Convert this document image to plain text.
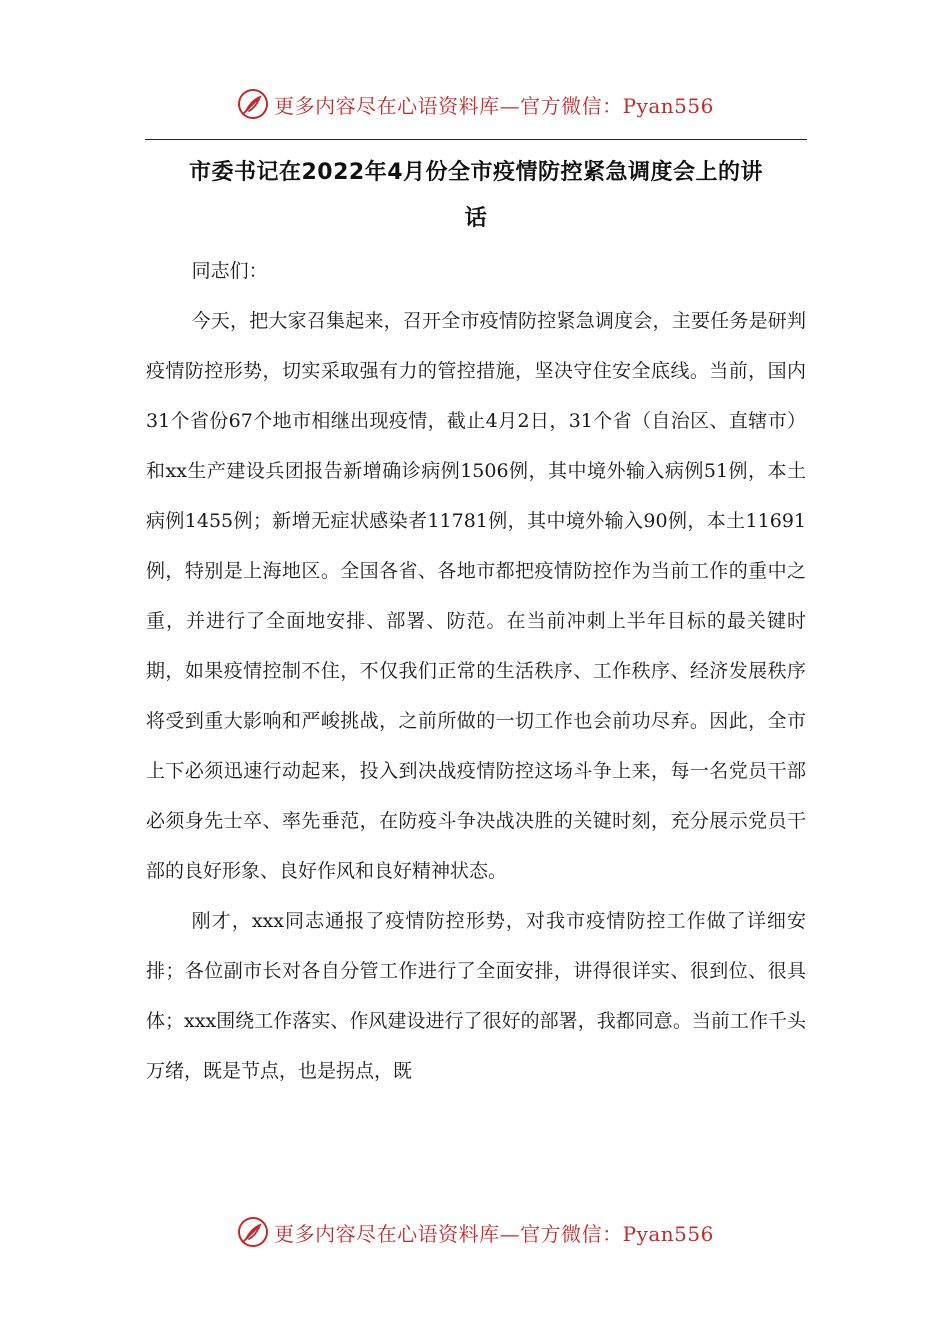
更多内容尽在心语资料库—官方微信：Pyan556
市委书记在2022年4月份全市疫情防控紧急调度会上的讲
话

同志们：

今天，把大家召集起来，召开全市疫情防控紧急调度会，主要任务是研判疫情防控形势，切实采取强有力的管控措施，坚决守住安全底线。当前，国内31个省份67个地市相继出现疫情，截止4月2日，31个省（自治区、直辖市）和xx生产建设兵团报告新增确诊病例1506例，其中境外输入病例51例，本土病例1455例；新增无症状感染者11781例，其中境外输入90例，本土11691例，特别是上海地区。全国各省、各地市都把疫情防控作为当前工作的重中之重，并进行了全面地安排、部署、防范。在当前冲刺上半年目标的最关键时期，如果疫情控制不住，不仅我们正常的生活秩序、工作秩序、经济发展秩序将受到重大影响和严峻挑战，之前所做的一切工作也会前功尽弃。因此，全市上下必须迅速行动起来，投入到决战疫情防控这场斗争上来，每一名党员干部必须身先士卒、率先垂范，在防疫斗争决战决胜的关键时刻，充分展示党员干部的良好形象、良好作风和良好精神状态。

刚才，xxx同志通报了疫情防控形势，对我市疫情防控工作做了详细安排；各位副市长对各自分管工作进行了全面安排，讲得很详实、很到位、很具体；xxx围绕工作落实、作风建设进行了很好的部署，我都同意。当前工作千头万绪，既是节点，也是拐点，既

更多内容尽在心语资料库—官方微信：Pyan556
